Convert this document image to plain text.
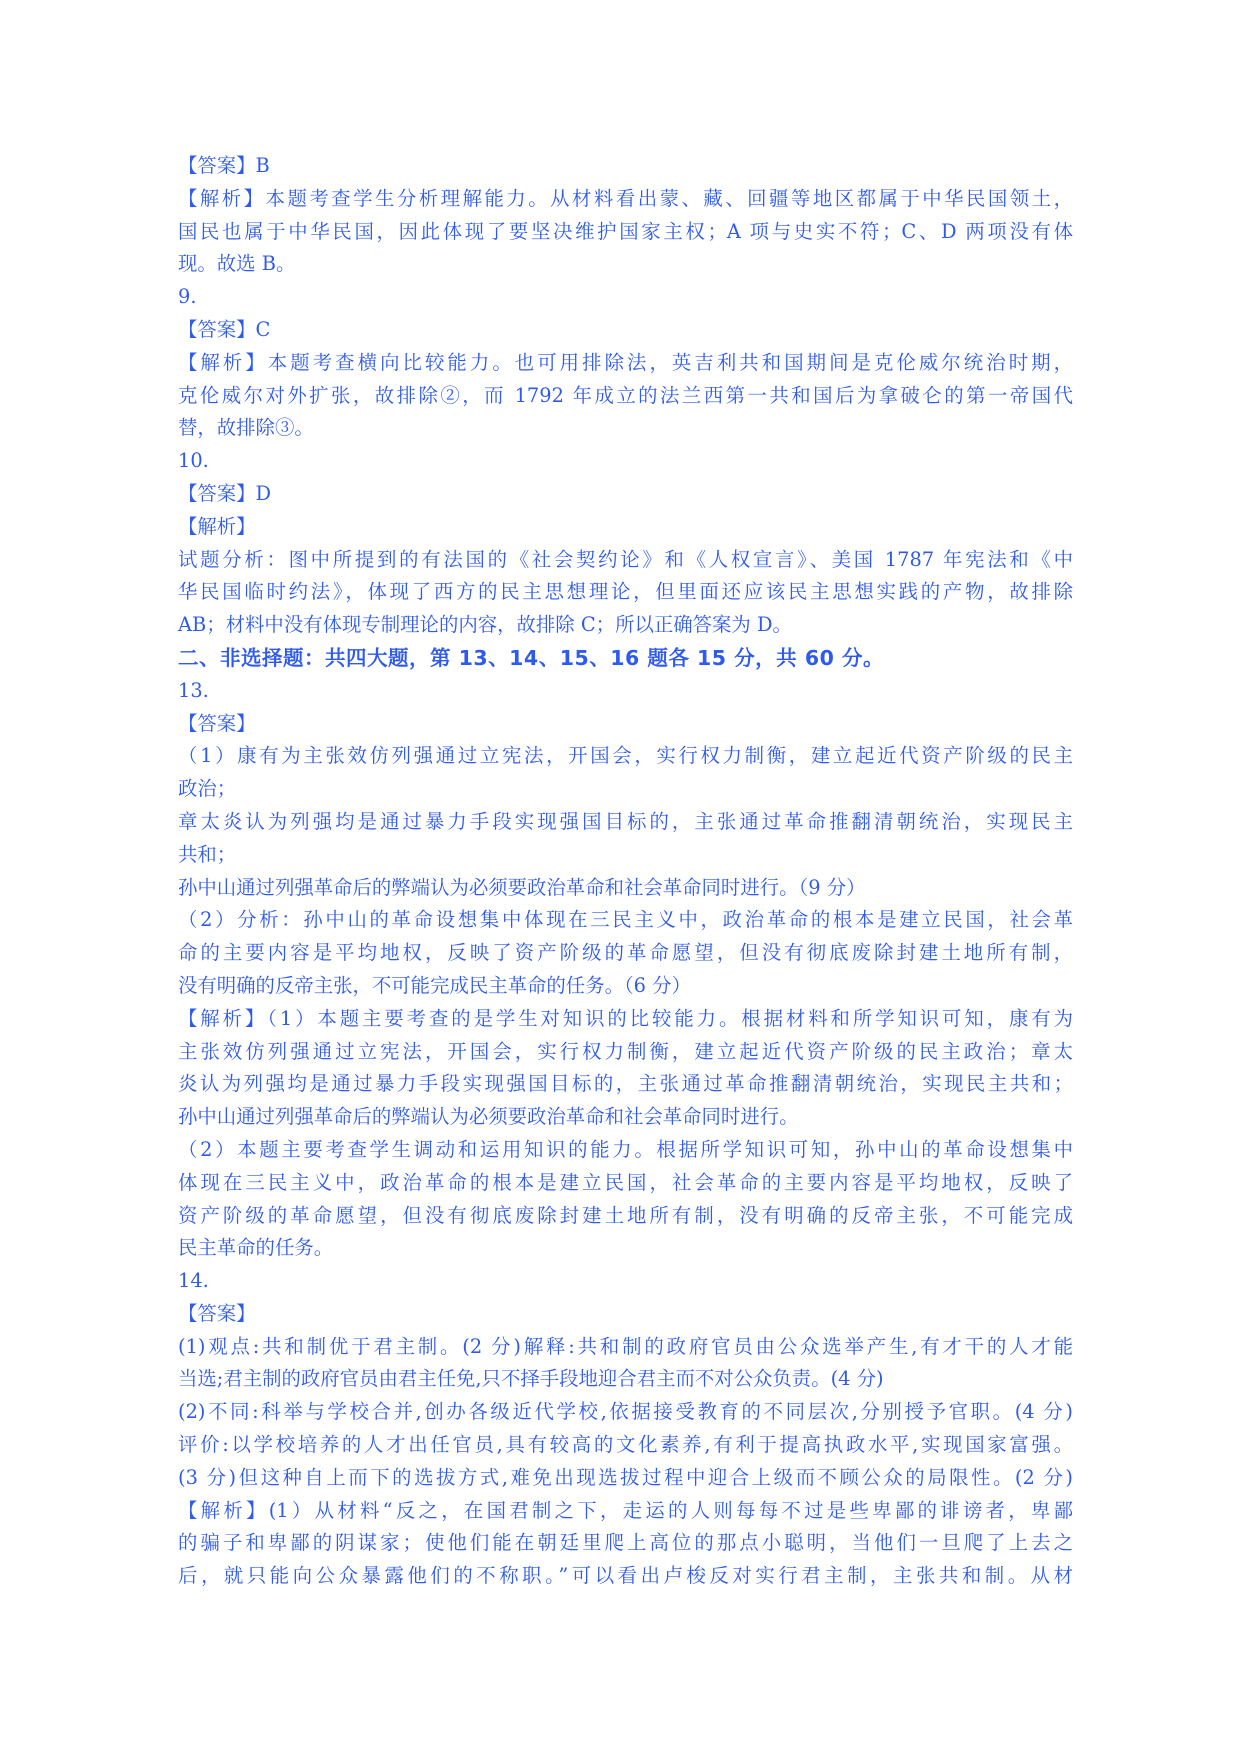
【答案】B
【解析】本题考查学生分析理解能力。从材料看出蒙、藏、回疆等地区都属于中华民国领土，
国民也属于中华民国，因此体现了要坚决维护国家主权；A 项与史实不符；C、D 两项没有体
现。故选 B。
9.
【答案】C
【解析】本题考查横向比较能力。也可用排除法，英吉利共和国期间是克伦威尔统治时期，
克伦威尔对外扩张，故排除②，而 1792 年成立的法兰西第一共和国后为拿破仑的第一帝国代
替，故排除③。
10.
【答案】D
【解析】
试题分析：图中所提到的有法国的《社会契约论》和《人权宣言》、美国 1787 年宪法和《中
华民国临时约法》，体现了西方的民主思想理论，但里面还应该民主思想实践的产物，故排除
AB；材料中没有体现专制理论的内容，故排除 C；所以正确答案为 D。
二、非选择题：共四大题，第 13、14、15、16 题各 15 分，共 60 分。
13.
【答案】
（1）康有为主张效仿列强通过立宪法，开国会，实行权力制衡，建立起近代资产阶级的民主
政治；
章太炎认为列强均是通过暴力手段实现强国目标的，主张通过革命推翻清朝统治，实现民主
共和；
孙中山通过列强革命后的弊端认为必须要政治革命和社会革命同时进行。（9 分）
（2）分析：孙中山的革命设想集中体现在三民主义中，政治革命的根本是建立民国，社会革
命的主要内容是平均地权，反映了资产阶级的革命愿望，但没有彻底废除封建土地所有制，
没有明确的反帝主张，不可能完成民主革命的任务。（6 分）
【解析】（1）本题主要考查的是学生对知识的比较能力。根据材料和所学知识可知，康有为
主张效仿列强通过立宪法，开国会，实行权力制衡，建立起近代资产阶级的民主政治；章太
炎认为列强均是通过暴力手段实现强国目标的，主张通过革命推翻清朝统治，实现民主共和；
孙中山通过列强革命后的弊端认为必须要政治革命和社会革命同时进行。
（2）本题主要考查学生调动和运用知识的能力。根据所学知识可知，孙中山的革命设想集中
体现在三民主义中，政治革命的根本是建立民国，社会革命的主要内容是平均地权，反映了
资产阶级的革命愿望，但没有彻底废除封建土地所有制，没有明确的反帝主张，不可能完成
民主革命的任务。
14.
【答案】
(1)观点:共和制优于君主制。(2 分)解释:共和制的政府官员由公众选举产生,有才干的人才能
当选;君主制的政府官员由君主任免,只不择手段地迎合君主而不对公众负责。(4 分)
(2)不同:科举与学校合并,创办各级近代学校,依据接受教育的不同层次,分别授予官职。(4 分)
评价:以学校培养的人才出任官员,具有较高的文化素养,有利于提高执政水平,实现国家富强。
(3 分)但这种自上而下的选拔方式,难免出现选拔过程中迎合上级而不顾公众的局限性。(2 分)
【解析】(1）从材料“反之，在国君制之下，走运的人则每每不过是些卑鄙的诽谤者，卑鄙
的骗子和卑鄙的阴谋家；使他们能在朝廷里爬上高位的那点小聪明，当他们一旦爬了上去之
后，就只能向公众暴露他们的不称职。”可以看出卢梭反对实行君主制，主张共和制。从材
